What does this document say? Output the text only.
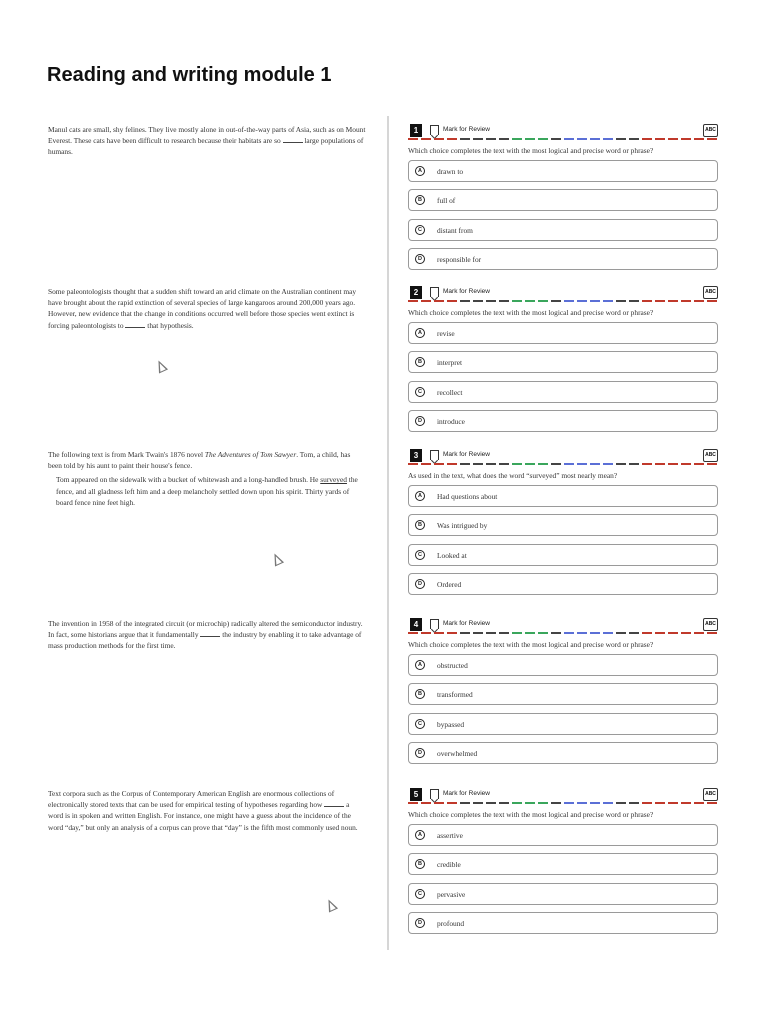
Reading and writing module 1
Manul cats are small, shy felines. They live mostly alone in out-of-the-way parts of Asia, such as on Mount Everest. These cats have been difficult to research because their habitats are so	large populations of humans.
1	Mark for Review	ABC
Which choice completes the text with the most logical and precise word or phrase?
A	drawn to
B	full of
C	distant from
D	responsible for
Some paleontologists thought that a sudden shift toward an arid climate on the Australian continent may have brought about the rapid extinction of several species of large kangaroos around 200,000 years ago. However, new evidence that the change in conditions occurred well before those species went extinct is forcing paleontologists to	that hypothesis.
2	Mark for Review	ABC
Which choice completes the text with the most logical and precise word or phrase?
A	revise
B	interpret
C	recollect
D	introduce

The following text is from Mark Twain's 1876 novel The Adventures of Tom Sawyer. Tom, a child, has been told by his aunt to paint their house's fence.

Tom appeared on the sidewalk with a bucket of whitewash and a long-handled brush. He surveyed the fence, and all gladness left him and a deep melancholy settled down upon his spirit. Thirty yards of board fence nine feet high.

3	Mark for Review	ABC
As used in the text, what does the word “surveyed” most nearly mean?
A	Had questions about
B	Was intrigued by
C	Looked at
D	Ordered
The invention in 1958 of the integrated circuit (or microchip) radically altered the semiconductor industry. In fact, some historians argue that it fundamentally	the industry by enabling it to take advantage of mass production methods for the first time.
4	Mark for Review	ABC
Which choice completes the text with the most logical and precise word or phrase?
A	obstructed
B	transformed
C	bypassed
D	overwhelmed
Text corpora such as the Corpus of Contemporary American English are enormous collections of electronically stored texts that can be used for empirical testing of hypotheses regarding how	a word is in spoken and written English. For instance, one might have a guess about the incidence of the word “day,” but only an analysis of a corpus can prove that “day” is the fifth most commonly used noun.
5	Mark for Review	ABC
Which choice completes the text with the most logical and precise word or phrase?
A	assertive
B	credible
C	pervasive
D	profound
